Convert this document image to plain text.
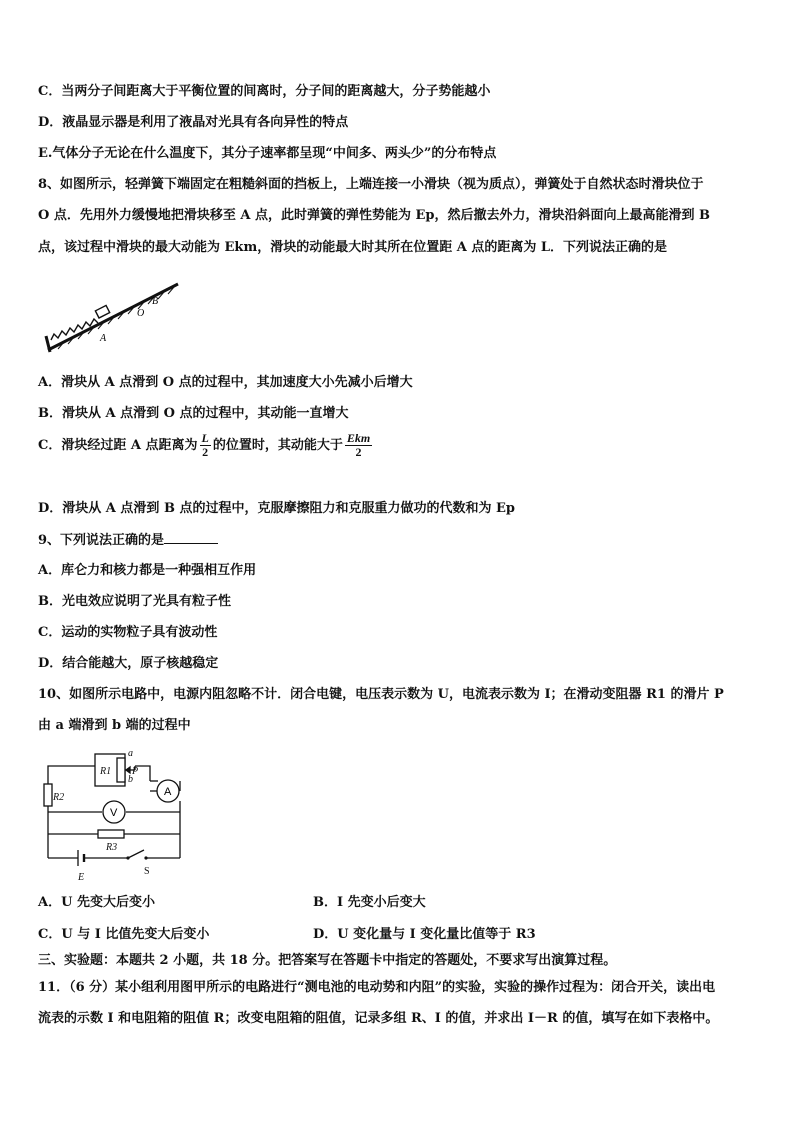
C．当两分子间距离大于平衡位置的间离时，分子间的距离越大，分子势能越小
D．液晶显示器是利用了液晶对光具有各向异性的特点
E.气体分子无论在什么温度下，其分子速率都呈现“中间多、两头少”的分布特点
8、如图所示，轻弹簧下端固定在粗糙斜面的挡板上，上端连接一小滑块（视为质点），弹簧处于自然状态时滑块位于
O 点．先用外力缓慢地把滑块移至 A 点，此时弹簧的弹性势能为 Ep，然后撤去外力，滑块沿斜面向上最高能滑到 B
点，该过程中滑块的最大动能为 Ekm，滑块的动能最大时其所在位置距 A 点的距离为 L．下列说法正确的是
A
O
B
A．滑块从 A 点滑到 O 点的过程中，其加速度大小先减小后增大
B．滑块从 A 点滑到 O 点的过程中，其动能一直增大
C．滑块经过距 A 点距离为 $\frac{L}{2}$ 的位置时，其动能大于 $\frac{\text{Ekm}}{2}$
D．滑块从 A 点滑到 B 点的过程中，克服摩擦阻力和克服重力做功的代数和为 Ep
9、下列说法正确的是
A．库仑力和核力都是一种强相互作用
B．光电效应说明了光具有粒子性
C．运动的实物粒子具有波动性
D．结合能越大，原子核越稳定
10、如图所示电路中，电源内阻忽略不计．闭合电键，电压表示数为 U，电流表示数为 I；在滑动变阻器 R1 的滑片 P
由 a 端滑到 b 端的过程中
R1
R2
R3
a
b
P
E
S
A
V
A．U 先变大后变小	B．I 先变小后变大
C．U 与 I 比值先变大后变小	D．U 变化量与 I 变化量比值等于 R3
三、实验题：本题共 2 小题，共 18 分。把答案写在答题卡中指定的答题处，不要求写出演算过程。
11．（6 分）某小组利用图甲所示的电路进行“测电池的电动势和内阻”的实验，实验的操作过程为：闭合开关，读出电
流表的示数 I 和电阻箱的阻值 R；改变电阻箱的阻值，记录多组 R、I 的值，并求出 I－R 的值，填写在如下表格中。
